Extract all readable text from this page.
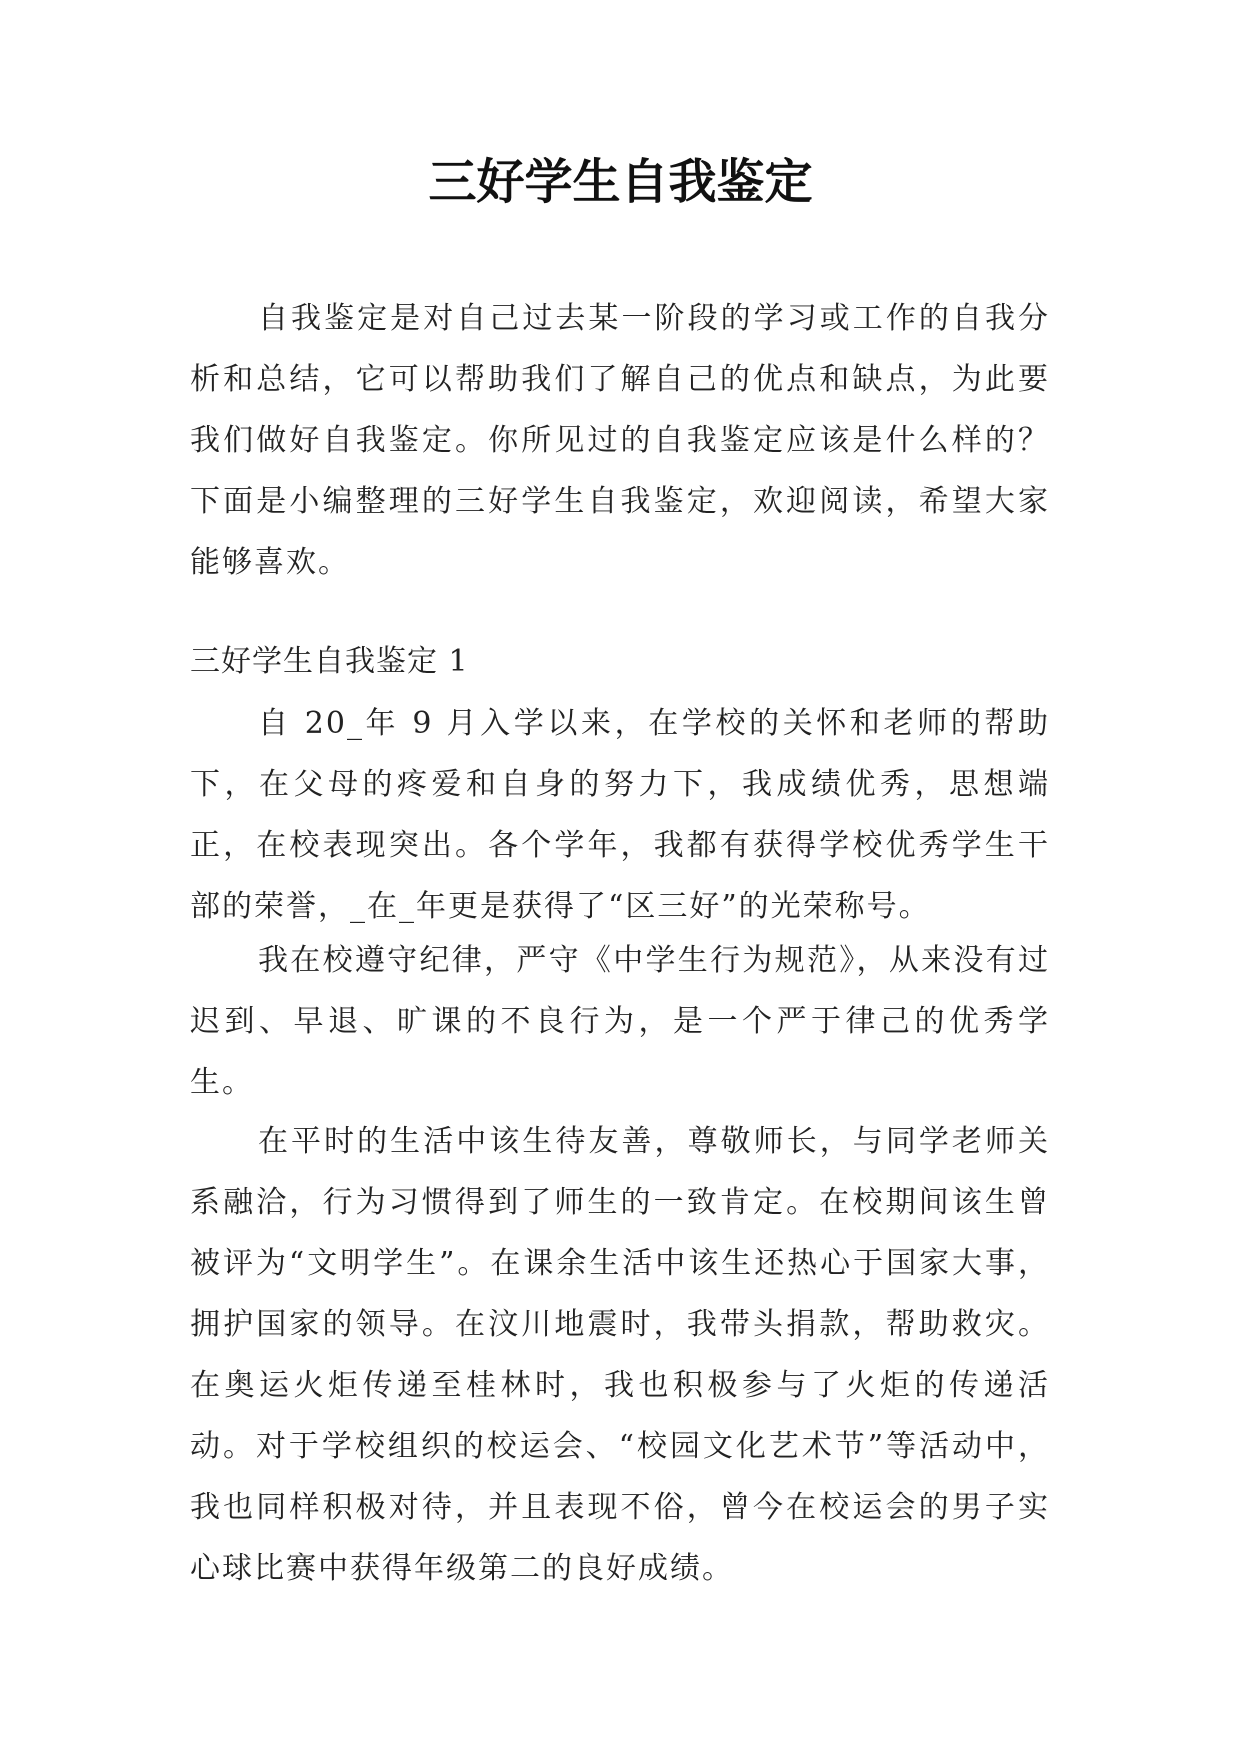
三好学生自我鉴定

自我鉴定是对自己过去某一阶段的学习或工作的自我分析和总结，它可以帮助我们了解自己的优点和缺点，为此要我们做好自我鉴定。你所见过的自我鉴定应该是什么样的？下面是小编整理的三好学生自我鉴定，欢迎阅读，希望大家能够喜欢。

三好学生自我鉴定 1

自 20_年 9 月入学以来，在学校的关怀和老师的帮助下，在父母的疼爱和自身的努力下，我成绩优秀，思想端正，在校表现突出。各个学年，我都有获得学校优秀学生干部的荣誉，_在_年更是获得了“区三好”的光荣称号。

我在校遵守纪律，严守《中学生行为规范》，从来没有过迟到、早退、旷课的不良行为，是一个严于律己的优秀学生。

在平时的生活中该生待友善，尊敬师长，与同学老师关系融洽，行为习惯得到了师生的一致肯定。在校期间该生曾被评为“文明学生”。在课余生活中该生还热心于国家大事，拥护国家的领导。在汶川地震时，我带头捐款，帮助救灾。在奥运火炬传递至桂林时，我也积极参与了火炬的传递活动。对于学校组织的校运会、“校园文化艺术节”等活动中，我也同样积极对待，并且表现不俗，曾今在校运会的男子实心球比赛中获得年级第二的良好成绩。
